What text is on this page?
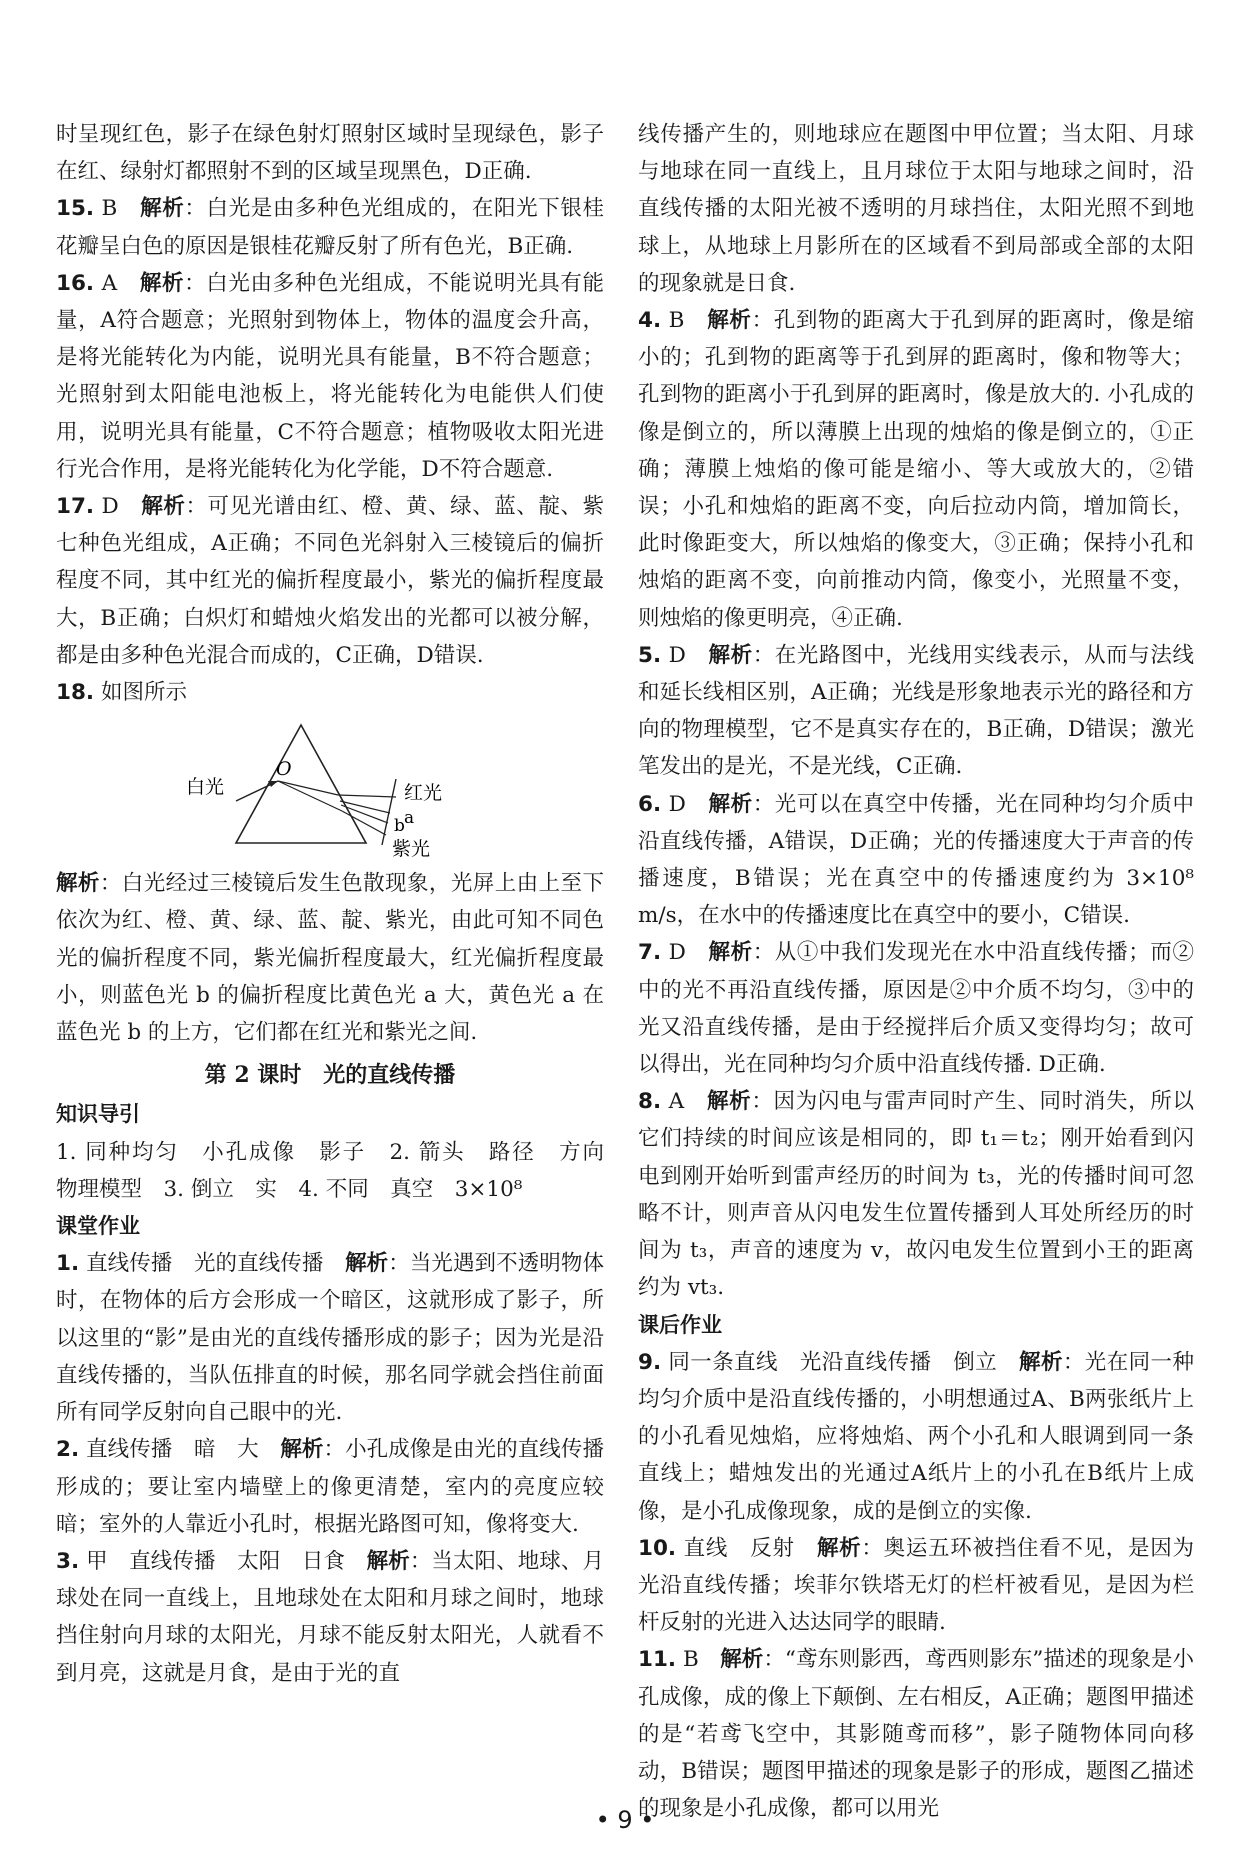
时呈现红色，影子在绿色射灯照射区域时呈现绿色，影子在红、绿射灯都照射不到的区域呈现黑色，D正确.

15. B　 解析：白光是由多种色光组成的，在阳光下银桂花瓣呈白色的原因是银桂花瓣反射了所有色光，B正确.

16. A　 解析：白光由多种色光组成，不能说明光具有能量，A符合题意；光照射到物体上，物体的温度会升高，是将光能转化为内能，说明光具有能量，B不符合题意；光照射到太阳能电池板上，将光能转化为电能供人们使用，说明光具有能量，C不符合题意；植物吸收太阳光进行光合作用，是将光能转化为化学能，D不符合题意.

17. D　 解析：可见光谱由红、橙、黄、绿、蓝、靛、紫七种色光组成，A正确；不同色光斜射入三棱镜后的偏折程度不同，其中红光的偏折程度最小，紫光的偏折程度最大，B正确；白炽灯和蜡烛火焰发出的光都可以被分解，都是由多种色光混合而成的，C正确，D错误.

18. 如图所示

白光
O
红光
a
b
紫光

解析：白光经过三棱镜后发生色散现象，光屏上由上至下依次为红、橙、黄、绿、蓝、靛、紫光，由此可知不同色光的偏折程度不同，紫光偏折程度最大，红光偏折程度最小，则蓝色光 b 的偏折程度比黄色光 a 大，黄色光 a 在蓝色光 b 的上方，它们都在红光和紫光之间.

第 2 课时　光的直线传播

知识导引

1. 同种均匀　小孔成像　影子　2. 箭头　路径　方向　物理模型　3. 倒立　实　4. 不同　真空　3×10⁸

课堂作业

1. 直线传播　光的直线传播　 解析：当光遇到不透明物体时，在物体的后方会形成一个暗区，这就形成了影子，所以这里的“影”是由光的直线传播形成的影子；因为光是沿直线传播的，当队伍排直的时候，那名同学就会挡住前面所有同学反射向自己眼中的光.

2. 直线传播　暗　大　 解析：小孔成像是由光的直线传播形成的；要让室内墙壁上的像更清楚，室内的亮度应较暗；室外的人靠近小孔时，根据光路图可知，像将变大.

3. 甲　直线传播　太阳　日食　 解析：当太阳、地球、月球处在同一直线上，且地球处在太阳和月球之间时，地球挡住射向月球的太阳光，月球不能反射太阳光，人就看不到月亮，这就是月食，是由于光的直

线传播产生的，则地球应在题图中甲位置；当太阳、月球与地球在同一直线上，且月球位于太阳与地球之间时，沿直线传播的太阳光被不透明的月球挡住，太阳光照不到地球上，从地球上月影所在的区域看不到局部或全部的太阳的现象就是日食.

4. B　 解析：孔到物的距离大于孔到屏的距离时，像是缩小的；孔到物的距离等于孔到屏的距离时，像和物等大；孔到物的距离小于孔到屏的距离时，像是放大的. 小孔成的像是倒立的，所以薄膜上出现的烛焰的像是倒立的，①正确；薄膜上烛焰的像可能是缩小、等大或放大的，②错误；小孔和烛焰的距离不变，向后拉动内筒，增加筒长，此时像距变大，所以烛焰的像变大，③正确；保持小孔和烛焰的距离不变，向前推动内筒，像变小，光照量不变，则烛焰的像更明亮，④正确.

5. D　 解析：在光路图中，光线用实线表示，从而与法线和延长线相区别，A正确；光线是形象地表示光的路径和方向的物理模型，它不是真实存在的，B正确，D错误；激光笔发出的是光，不是光线，C正确.

6. D　 解析：光可以在真空中传播，光在同种均匀介质中沿直线传播，A错误，D正确；光的传播速度大于声音的传播速度，B错误；光在真空中的传播速度约为 3×10⁸ m/s，在水中的传播速度比在真空中的要小，C错误.

7. D　 解析：从①中我们发现光在水中沿直线传播；而②中的光不再沿直线传播，原因是②中介质不均匀，③中的光又沿直线传播，是由于经搅拌后介质又变得均匀；故可以得出，光在同种均匀介质中沿直线传播. D正确.

8. A　 解析：因为闪电与雷声同时产生、同时消失，所以它们持续的时间应该是相同的，即 t₁＝t₂；刚开始看到闪电到刚开始听到雷声经历的时间为 t₃，光的传播时间可忽略不计，则声音从闪电发生位置传播到人耳处所经历的时间为 t₃，声音的速度为 v，故闪电发生位置到小王的距离约为 vt₃.

课后作业

9. 同一条直线　光沿直线传播　倒立　 解析：光在同一种均匀介质中是沿直线传播的，小明想通过A、B两张纸片上的小孔看见烛焰，应将烛焰、两个小孔和人眼调到同一条直线上；蜡烛发出的光通过A纸片上的小孔在B纸片上成像，是小孔成像现象，成的是倒立的实像.

10. 直线　反射　 解析：奥运五环被挡住看不见，是因为光沿直线传播；埃菲尔铁塔无灯的栏杆被看见，是因为栏杆反射的光进入达达同学的眼睛.

11. B　 解析：“鸢东则影西，鸢西则影东”描述的现象是小孔成像，成的像上下颠倒、左右相反，A正确；题图甲描述的是“若鸢飞空中，其影随鸢而移”，影子随物体同向移动，B错误；题图甲描述的现象是影子的形成，题图乙描述的现象是小孔成像，都可以用光

• 9 •
